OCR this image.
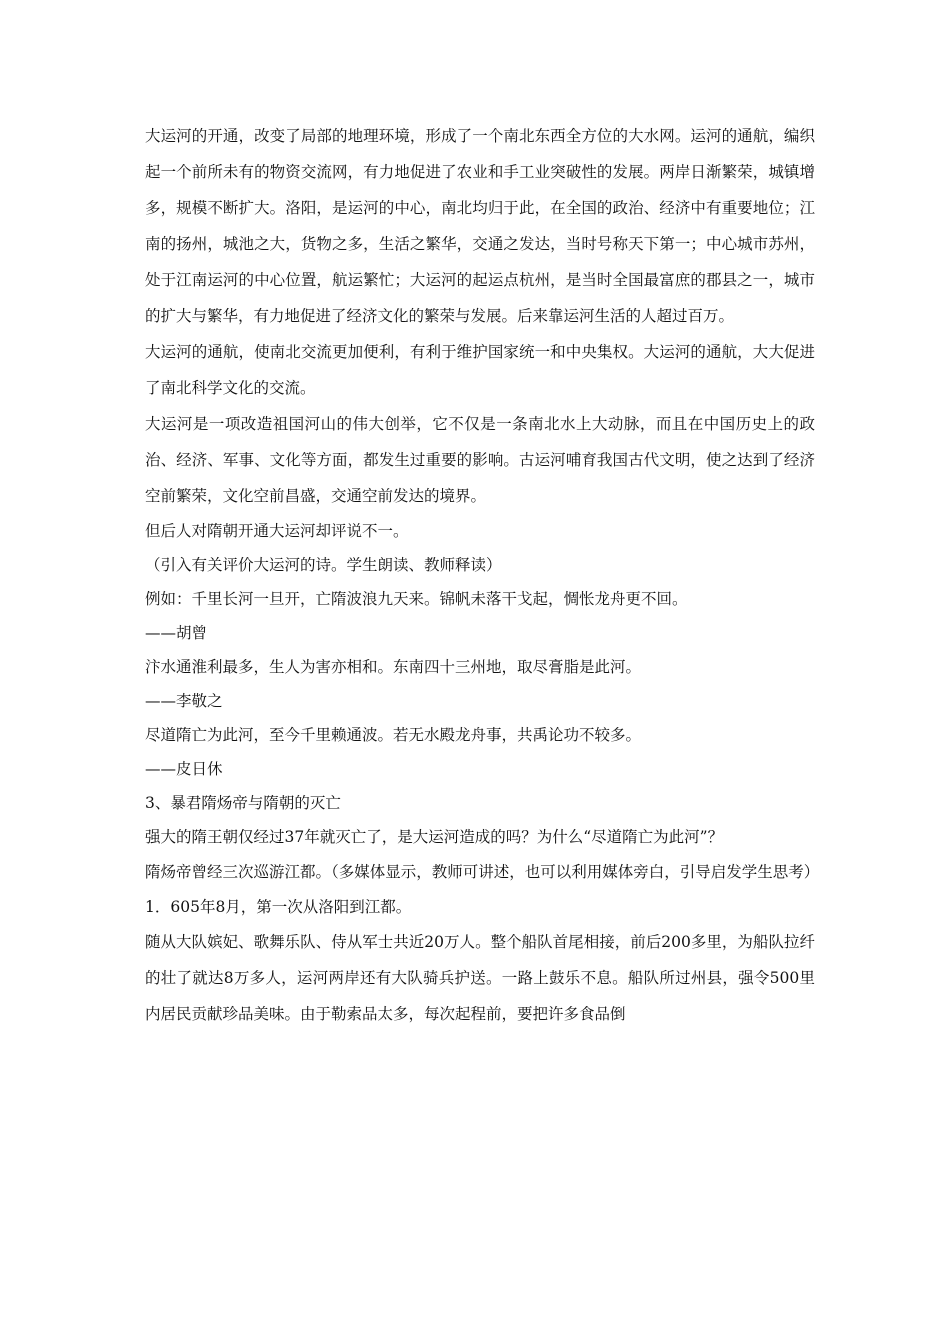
大运河的开通，改变了局部的地理环境，形成了一个南北东西全方位的大水网。运河的通航，编织起一个前所未有的物资交流网，有力地促进了农业和手工业突破性的发展。两岸日渐繁荣，城镇增多，规模不断扩大。洛阳，是运河的中心，南北均归于此，在全国的政治、经济中有重要地位；江南的扬州，城池之大，货物之多，生活之繁华，交通之发达，当时号称天下第一；中心城市苏州，处于江南运河的中心位置，航运繁忙；大运河的起运点杭州，是当时全国最富庶的郡县之一，城市的扩大与繁华，有力地促进了经济文化的繁荣与发展。后来靠运河生活的人超过百万。

大运河的通航，使南北交流更加便利，有利于维护国家统一和中央集权。大运河的通航，大大促进了南北科学文化的交流。

大运河是一项改造祖国河山的伟大创举，它不仅是一条南北水上大动脉，而且在中国历史上的政治、经济、军事、文化等方面，都发生过重要的影响。古运河哺育我国古代文明，使之达到了经济空前繁荣，文化空前昌盛，交通空前发达的境界。

但后人对隋朝开通大运河却评说不一。

（引入有关评价大运河的诗。学生朗读、教师释读）

例如：千里长河一旦开，亡隋波浪九天来。锦帆未落干戈起，惆怅龙舟更不回。

——胡曾

汴水通淮利最多，生人为害亦相和。东南四十三州地，取尽膏脂是此河。

——李敬之

尽道隋亡为此河，至今千里赖通波。若无水殿龙舟事，共禹论功不较多。

——皮日休

3、暴君隋炀帝与隋朝的灭亡

强大的隋王朝仅经过37年就灭亡了，是大运河造成的吗？为什么“尽道隋亡为此河”？

隋炀帝曾经三次巡游江都。（多媒体显示，教师可讲述，也可以利用媒体旁白，引导启发学生思考）

1．605年8月，第一次从洛阳到江都。

随从大队嫔妃、歌舞乐队、侍从军士共近20万人。整个船队首尾相接，前后200多里，为船队拉纤的壮了就达8万多人，运河两岸还有大队骑兵护送。一路上鼓乐不息。船队所过州县，强令500里内居民贡献珍品美味。由于勒索品太多，每次起程前，要把许多食品倒
